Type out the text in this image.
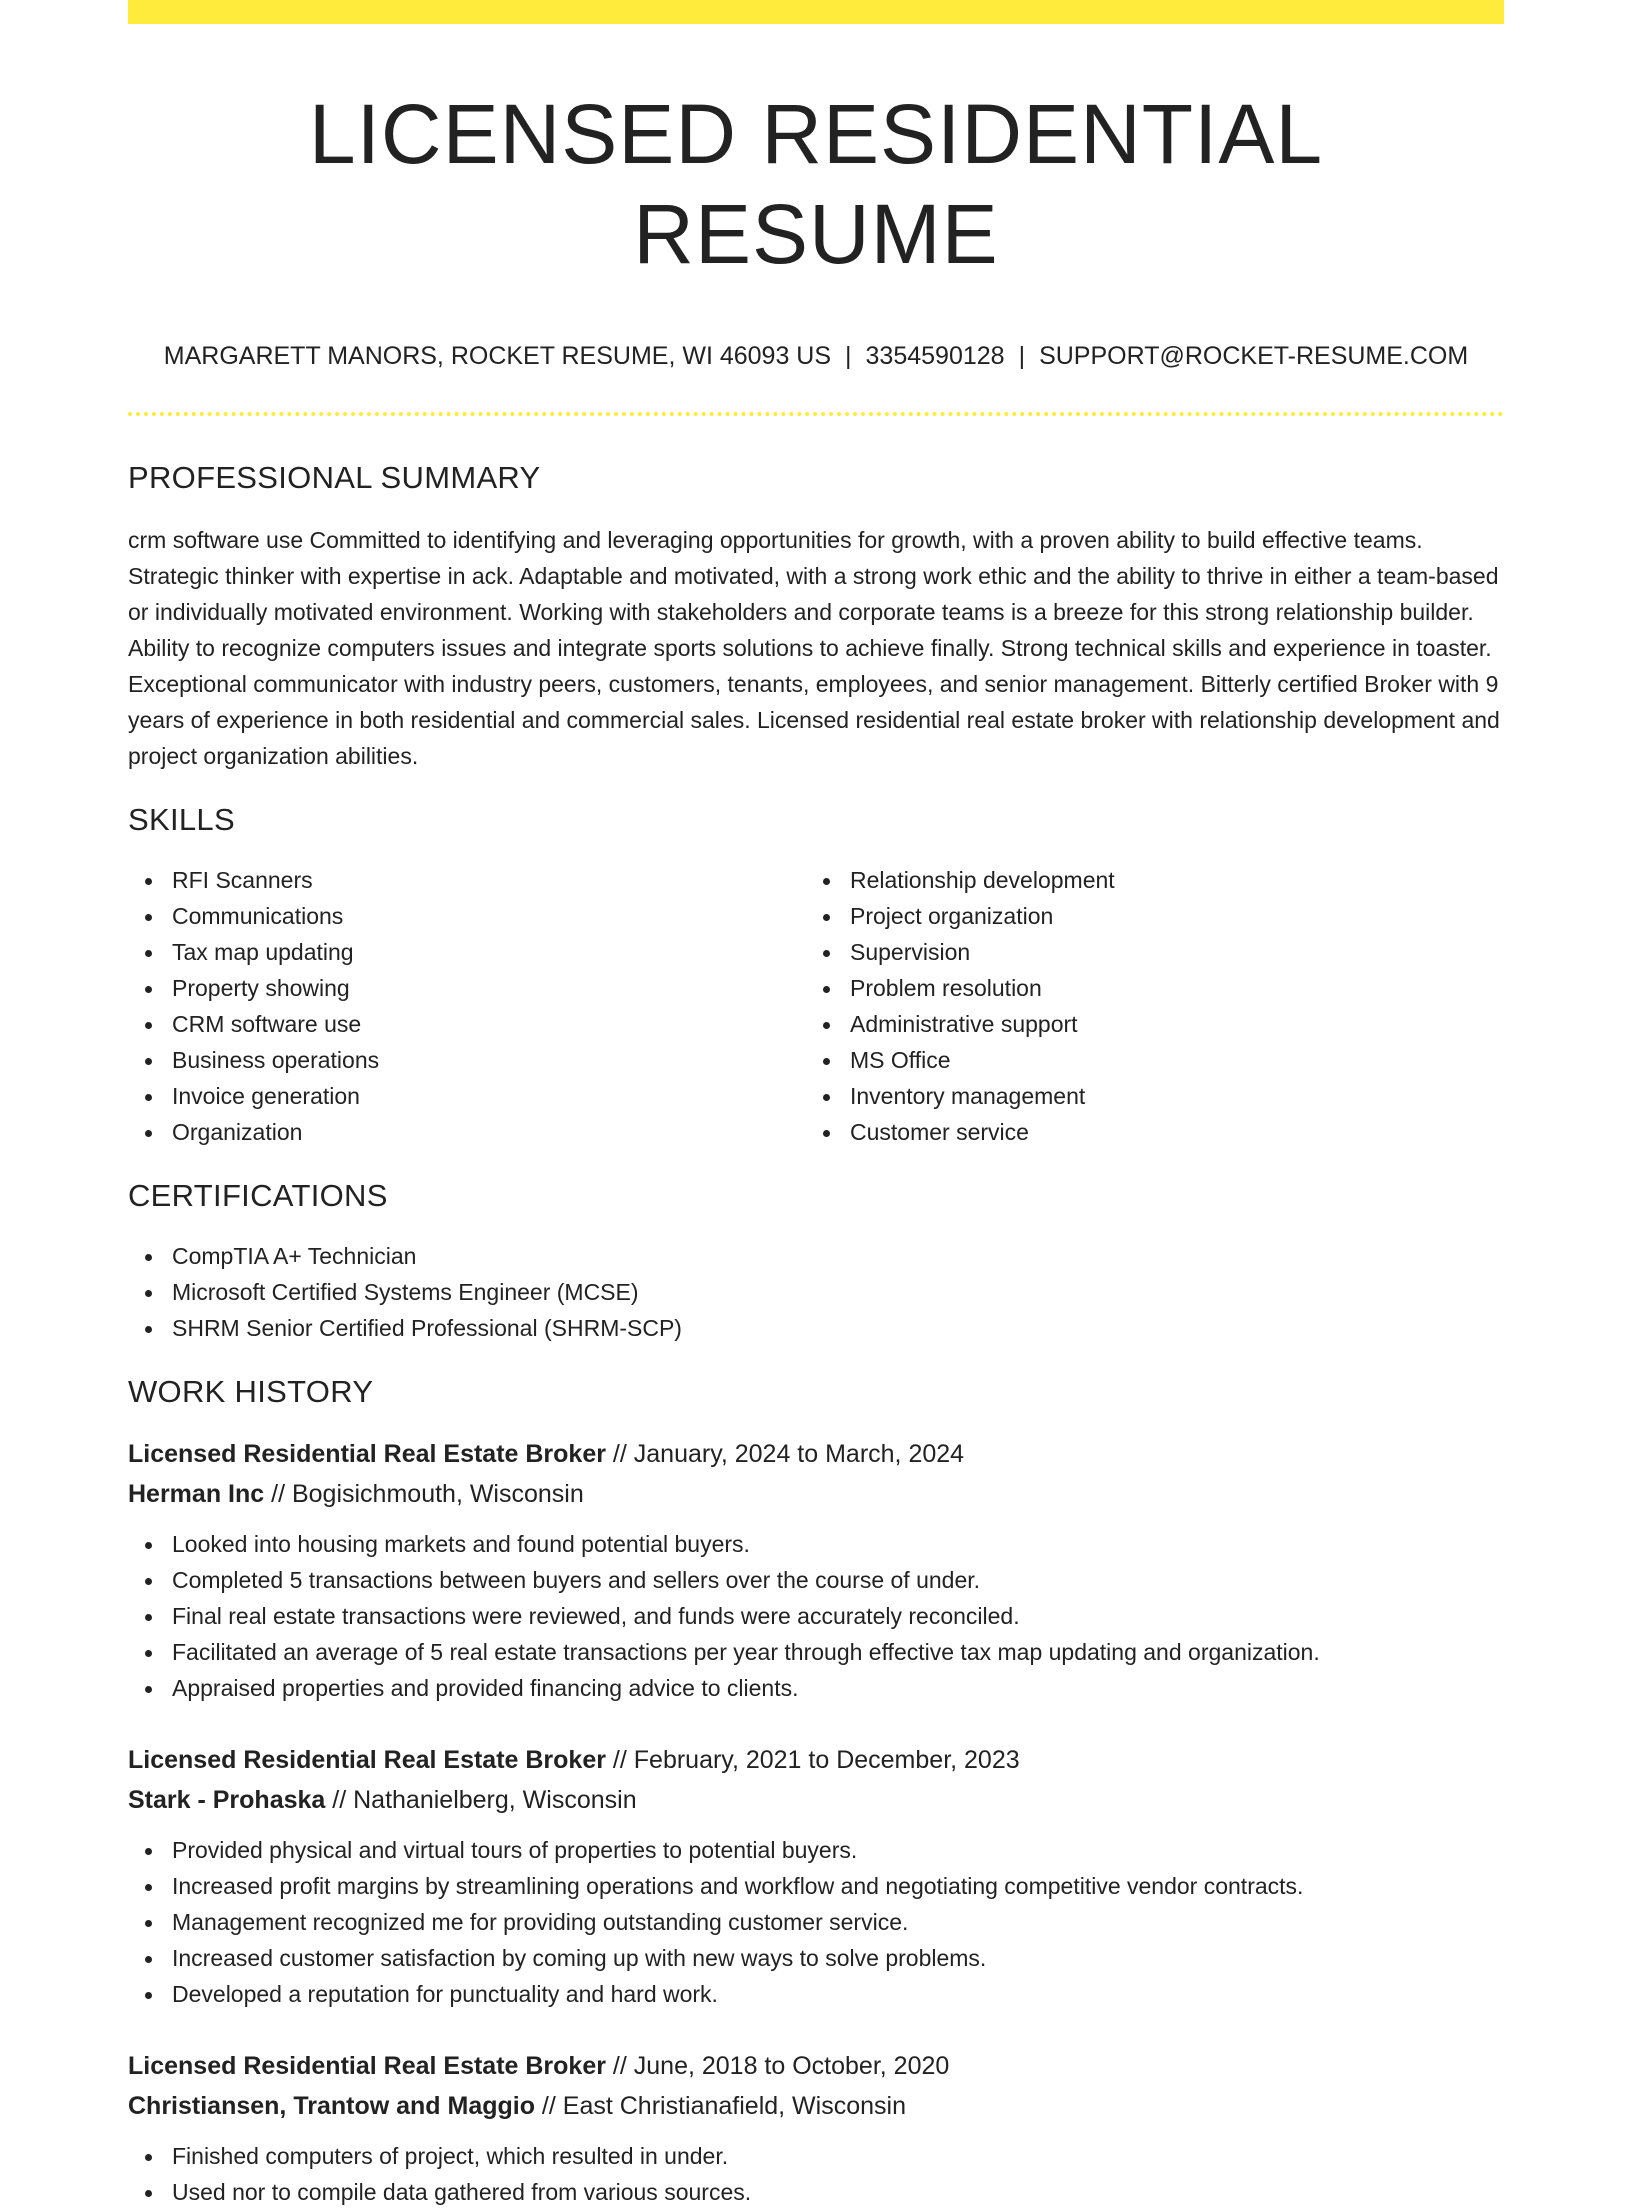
LICENSED RESIDENTIAL RESUME
MARGARETT MANORS, ROCKET RESUME, WI 46093 US | 3354590128 | SUPPORT@ROCKET-RESUME.COM
PROFESSIONAL SUMMARY

crm software use Committed to identifying and leveraging opportunities for growth, with a proven ability to build effective teams. Strategic thinker with expertise in ack. Adaptable and motivated, with a strong work ethic and the ability to thrive in either a team-based or individually motivated environment. Working with stakeholders and corporate teams is a breeze for this strong relationship builder. Ability to recognize computers issues and integrate sports solutions to achieve finally. Strong technical skills and experience in toaster. Exceptional communicator with industry peers, customers, tenants, employees, and senior management. Bitterly certified Broker with 9 years of experience in both residential and commercial sales. Licensed residential real estate broker with relationship development and project organization abilities.

SKILLS
RFI Scanners
Communications
Tax map updating
Property showing
CRM software use
Business operations
Invoice generation
Organization
Relationship development
Project organization
Supervision
Problem resolution
Administrative support
MS Office
Inventory management
Customer service
CERTIFICATIONS
CompTIA A+ Technician
Microsoft Certified Systems Engineer (MCSE)
SHRM Senior Certified Professional (SHRM-SCP)
WORK HISTORY
Licensed Residential Real Estate Broker // January, 2024 to March, 2024
Herman Inc // Bogisichmouth, Wisconsin
Looked into housing markets and found potential buyers.
Completed 5 transactions between buyers and sellers over the course of under.
Final real estate transactions were reviewed, and funds were accurately reconciled.
Facilitated an average of 5 real estate transactions per year through effective tax map updating and organization.
Appraised properties and provided financing advice to clients.
Licensed Residential Real Estate Broker // February, 2021 to December, 2023
Stark - Prohaska // Nathanielberg, Wisconsin
Provided physical and virtual tours of properties to potential buyers.
Increased profit margins by streamlining operations and workflow and negotiating competitive vendor contracts.
Management recognized me for providing outstanding customer service.
Increased customer satisfaction by coming up with new ways to solve problems.
Developed a reputation for punctuality and hard work.
Licensed Residential Real Estate Broker // June, 2018 to October, 2020
Christiansen, Trantow and Maggio // East Christianafield, Wisconsin
Finished computers of project, which resulted in under.
Used nor to compile data gathered from various sources.
